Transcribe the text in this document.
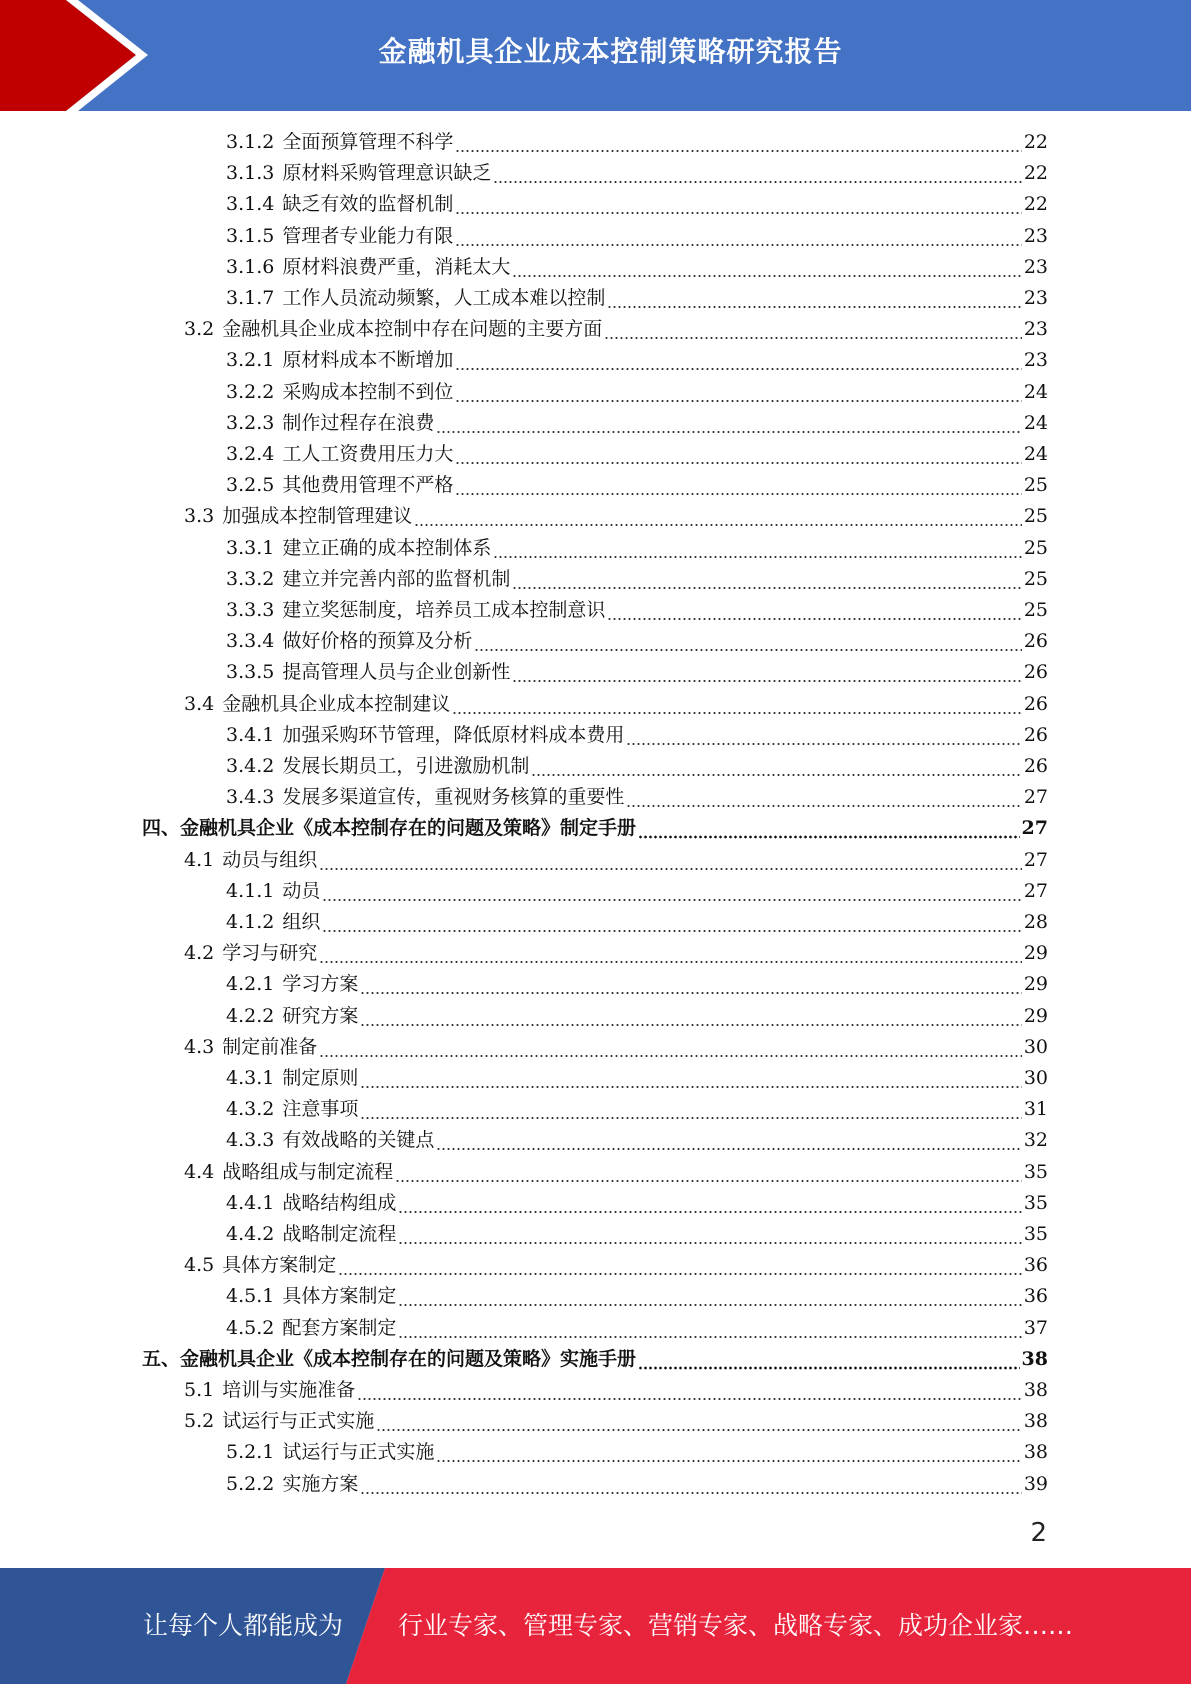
金融机具企业成本控制策略研究报告
3.1.2 全面预算管理不科学	22
3.1.3 原材料采购管理意识缺乏	22
3.1.4 缺乏有效的监督机制	22
3.1.5 管理者专业能力有限	23
3.1.6 原材料浪费严重，消耗太大	23
3.1.7 工作人员流动频繁，人工成本难以控制	23
3.2 金融机具企业成本控制中存在问题的主要方面	23
3.2.1 原材料成本不断增加	23
3.2.2 采购成本控制不到位	24
3.2.3 制作过程存在浪费	24
3.2.4 工人工资费用压力大	24
3.2.5 其他费用管理不严格	25
3.3 加强成本控制管理建议	25
3.3.1 建立正确的成本控制体系	25
3.3.2 建立并完善内部的监督机制	25
3.3.3 建立奖惩制度，培养员工成本控制意识	25
3.3.4 做好价格的预算及分析	26
3.3.5 提高管理人员与企业创新性	26
3.4 金融机具企业成本控制建议	26
3.4.1 加强采购环节管理，降低原材料成本费用	26
3.4.2 发展长期员工，引进激励机制	26
3.4.3 发展多渠道宣传，重视财务核算的重要性	27
四、金融机具企业《成本控制存在的问题及策略》制定手册	27
4.1 动员与组织	27
4.1.1 动员	27
4.1.2 组织	28
4.2 学习与研究	29
4.2.1 学习方案	29
4.2.2 研究方案	29
4.3 制定前准备	30
4.3.1 制定原则	30
4.3.2 注意事项	31
4.3.3 有效战略的关键点	32
4.4 战略组成与制定流程	35
4.4.1 战略结构组成	35
4.4.2 战略制定流程	35
4.5 具体方案制定	36
4.5.1 具体方案制定	36
4.5.2 配套方案制定	37
五、金融机具企业《成本控制存在的问题及策略》实施手册	38
5.1 培训与实施准备	38
5.2 试运行与正式实施	38
5.2.1 试运行与正式实施	38
5.2.2 实施方案	39
2
让每个人都能成为 行业专家、管理专家、营销专家、战略专家、成功企业家……
